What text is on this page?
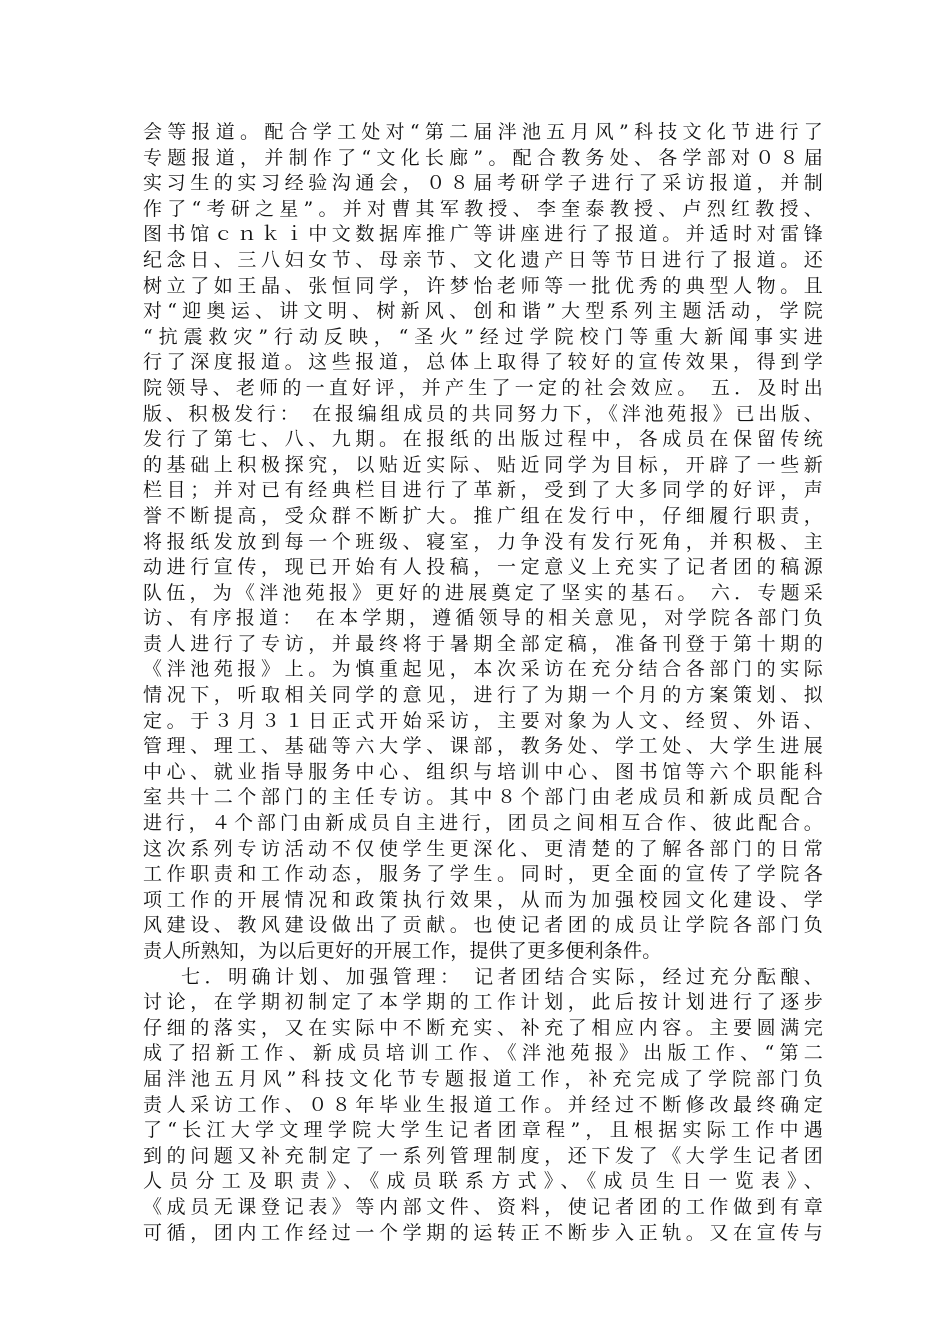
会等报道。配合学工处对“第二届泮池五月风”科技文化节进行了
专题报道，并制作了“文化长廊”。配合教务处、各学部对０８届
实习生的实习经验沟通会，０８届考研学子进行了采访报道，并制
作了“考研之星”。并对曹其军教授、李奎泰教授、卢烈红教授、
图书馆ｃｎｋｉ中文数据库推广等讲座进行了报道。并适时对雷锋
纪念日、三八妇女节、母亲节、文化遗产日等节日进行了报道。还
树立了如王晶、张恒同学，许梦怡老师等一批优秀的典型人物。且
对“迎奥运、讲文明、树新风、创和谐”大型系列主题活动，学院
“抗震救灾”行动反映，“圣火”经过学院校门等重大新闻事实进
行了深度报道。这些报道，总体上取得了较好的宣传效果，得到学
院领导、老师的一直好评，并产生了一定的社会效应。 五．及时出
版、积极发行： 在报编组成员的共同努力下，《泮池苑报》已出版、
发行了第七、八、九期。在报纸的出版过程中，各成员在保留传统
的基础上积极探究，以贴近实际、贴近同学为目标，开辟了一些新
栏目；并对已有经典栏目进行了革新，受到了大多同学的好评，声
誉不断提高，受众群不断扩大。推广组在发行中，仔细履行职责，
将报纸发放到每一个班级、寝室，力争没有发行死角，并积极、主
动进行宣传，现已开始有人投稿，一定意义上充实了记者团的稿源
队伍，为《泮池苑报》更好的进展奠定了坚实的基石。 六．专题采
访、有序报道： 在本学期，遵循领导的相关意见，对学院各部门负
责人进行了专访，并最终将于暑期全部定稿，准备刊登于第十期的
《泮池苑报》上。为慎重起见，本次采访在充分结合各部门的实际
情况下，听取相关同学的意见，进行了为期一个月的方案策划、拟
定。于３月３１日正式开始采访，主要对象为人文、经贸、外语、
管理、理工、基础等六大学、课部，教务处、学工处、大学生进展
中心、就业指导服务中心、组织与培训中心、图书馆等六个职能科
室共十二个部门的主任专访。其中８个部门由老成员和新成员配合
进行，４个部门由新成员自主进行，团员之间相互合作、彼此配合。
这次系列专访活动不仅使学生更深化、更清楚的了解各部门的日常
工作职责和工作动态，服务了学生。同时，更全面的宣传了学院各
项工作的开展情况和政策执行效果，从而为加强校园文化建设、学
风建设、教风建设做出了贡献。也使记者团的成员让学院各部门负
责人所熟知，为以后更好的开展工作，提供了更多便利条件。
七．明确计划、加强管理： 记者团结合实际，经过充分酝酿、
讨论，在学期初制定了本学期的工作计划，此后按计划进行了逐步
仔细的落实，又在实际中不断充实、补充了相应内容。主要圆满完
成了招新工作、新成员培训工作、《泮池苑报》出版工作、“第二
届泮池五月风”科技文化节专题报道工作，补充完成了学院部门负
责人采访工作、０８年毕业生报道工作。并经过不断修改最终确定
了“长江大学文理学院大学生记者团章程”，且根据实际工作中遇
到的问题又补充制定了一系列管理制度，还下发了《大学生记者团
人员分工及职责》、《成员联系方式》、《成员生日一览表》、
《成员无课登记表》等内部文件、资料，使记者团的工作做到有章
可循，团内工作经过一个学期的运转正不断步入正轨。又在宣传与
